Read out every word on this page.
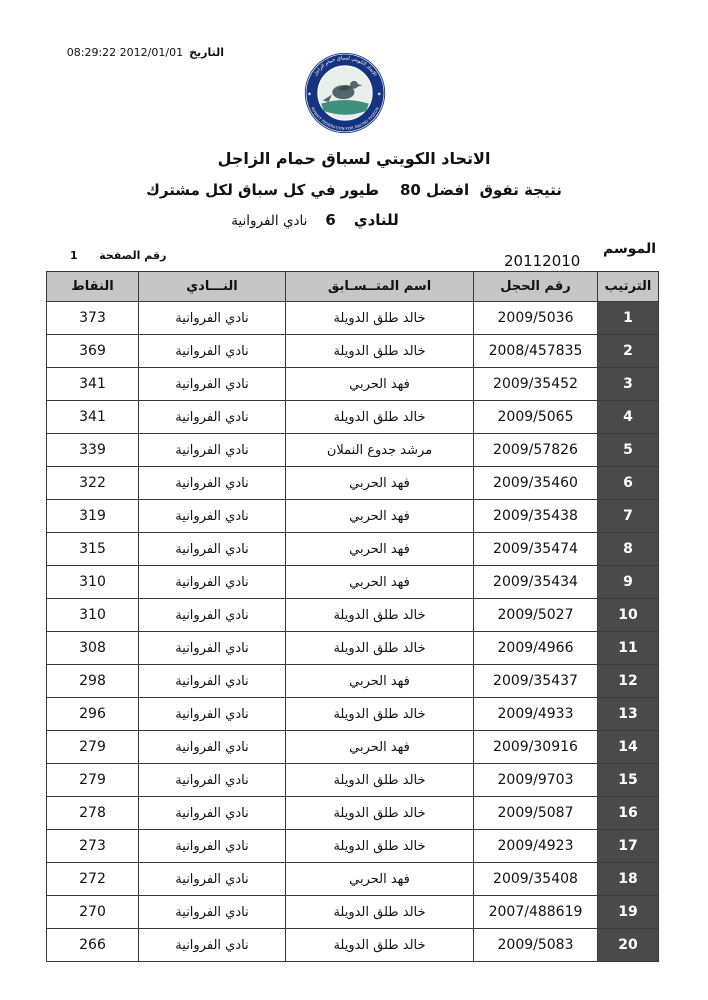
التاريخ08:29:22 2012/01/01
★	★
الاتحاد الكويتي لسباق حمام الزاجل
KUWAIT FEDERATION FOR RACING PIGEON
الاتحاد الكويتي لسباق حمام الزاجل
نتيجة تفوق  افضل 80    طيور في كل سباق لكل مشترك
للنادي
6
نادي الفروانية
الموسم
20112010
رقم الصفحة 1
الترتيب	رقم الحجل	اسم المتــسـابق	النـــادي	النقاط
1	2009/5036	خالد طلق الدويلة	نادي الفروانية	373
2	2008/457835	خالد طلق الدويلة	نادي الفروانية	369
3	2009/35452	فهد الحربي	نادي الفروانية	341
4	2009/5065	خالد طلق الدويلة	نادي الفروانية	341
5	2009/57826	مرشد جدوع النملان	نادي الفروانية	339
6	2009/35460	فهد الحربي	نادي الفروانية	322
7	2009/35438	فهد الحربي	نادي الفروانية	319
8	2009/35474	فهد الحربي	نادي الفروانية	315
9	2009/35434	فهد الحربي	نادي الفروانية	310
10	2009/5027	خالد طلق الدويلة	نادي الفروانية	310
11	2009/4966	خالد طلق الدويلة	نادي الفروانية	308
12	2009/35437	فهد الحربي	نادي الفروانية	298
13	2009/4933	خالد طلق الدويلة	نادي الفروانية	296
14	2009/30916	فهد الحربي	نادي الفروانية	279
15	2009/9703	خالد طلق الدويلة	نادي الفروانية	279
16	2009/5087	خالد طلق الدويلة	نادي الفروانية	278
17	2009/4923	خالد طلق الدويلة	نادي الفروانية	273
18	2009/35408	فهد الحربي	نادي الفروانية	272
19	2007/488619	خالد طلق الدويلة	نادي الفروانية	270
20	2009/5083	خالد طلق الدويلة	نادي الفروانية	266
